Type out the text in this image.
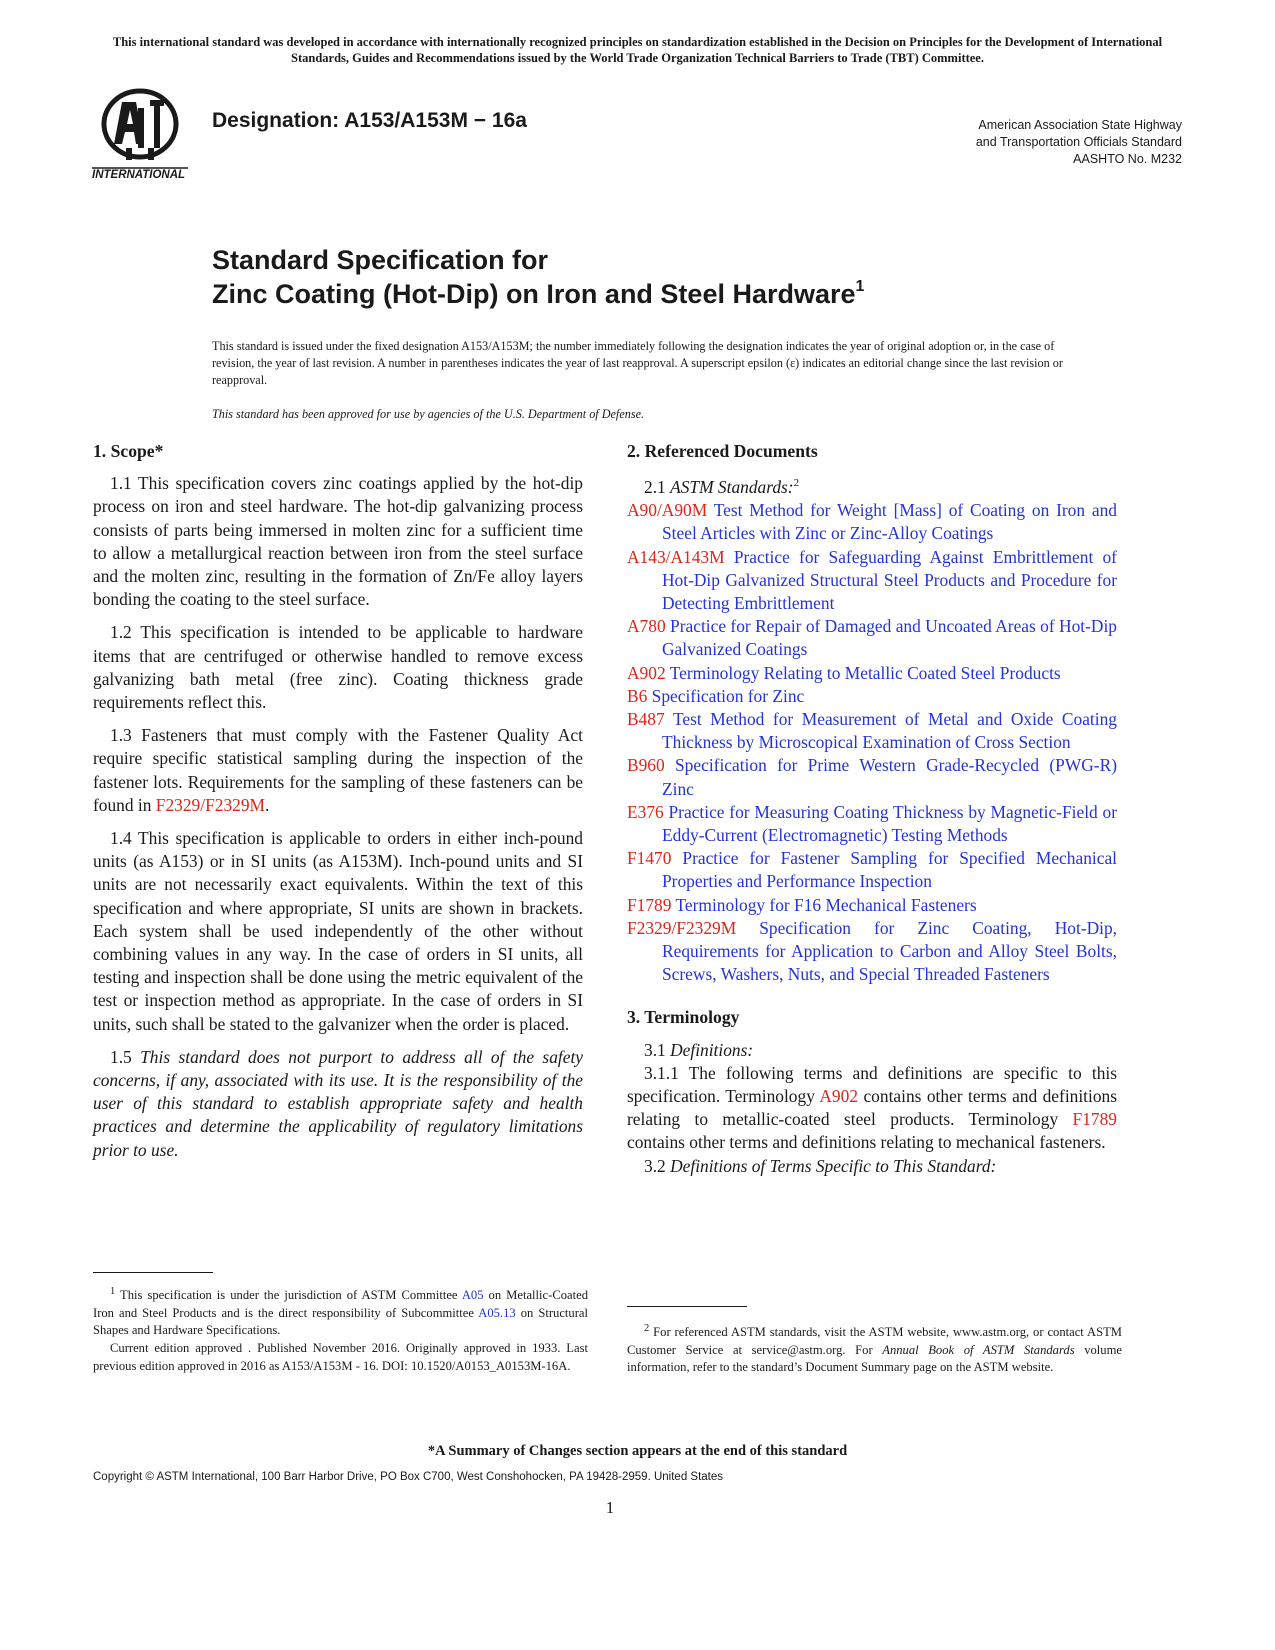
This international standard was developed in accordance with internationally recognized principles on standardization established in the Decision on Principles for the Development of International Standards, Guides and Recommendations issued by the World Trade Organization Technical Barriers to Trade (TBT) Committee.
INTERNATIONAL
Designation: A153/A153M − 16a	American Association State Highway
and Transportation Officials Standard
AASHTO No. M232
Standard Specification for
Zinc Coating (Hot-Dip) on Iron and Steel Hardware$^1$
This standard is issued under the fixed designation A153/A153M; the number immediately following the designation indicates the year of original adoption or, in the case of revision, the year of last revision. A number in parentheses indicates the year of last reapproval. A superscript epsilon (ε) indicates an editorial change since the last revision or reapproval.
This standard has been approved for use by agencies of the U.S. Department of Defense.
1. Scope*

1.1 This specification covers zinc coatings applied by the hot-dip process on iron and steel hardware. The hot-dip galvanizing process consists of parts being immersed in molten zinc for a sufficient time to allow a metallurgical reaction between iron from the steel surface and the molten zinc, resulting in the formation of Zn/Fe alloy layers bonding the coating to the steel surface.

1.2 This specification is intended to be applicable to hardware items that are centrifuged or otherwise handled to remove excess galvanizing bath metal (free zinc). Coating thickness grade requirements reflect this.

1.3 Fasteners that must comply with the Fastener Quality Act require specific statistical sampling during the inspection of the fastener lots. Requirements for the sampling of these fasteners can be found in F2329/F2329M.

1.4 This specification is applicable to orders in either inch-pound units (as A153) or in SI units (as A153M). Inch-pound units and SI units are not necessarily exact equivalents. Within the text of this specification and where appropriate, SI units are shown in brackets. Each system shall be used independently of the other without combining values in any way. In the case of orders in SI units, all testing and inspection shall be done using the metric equivalent of the test or inspection method as appropriate. In the case of orders in SI units, such shall be stated to the galvanizer when the order is placed.

1.5 This standard does not purport to address all of the safety concerns, if any, associated with its use. It is the responsibility of the user of this standard to establish appropriate safety and health practices and determine the applicability of regulatory limitations prior to use.

2. Referenced Documents

2.1 ASTM Standards:$^2$

A90/A90M Test Method for Weight [Mass] of Coating on Iron and Steel Articles with Zinc or Zinc-Alloy Coatings

A143/A143M Practice for Safeguarding Against Embrittlement of Hot-Dip Galvanized Structural Steel Products and Procedure for Detecting Embrittlement

A780 Practice for Repair of Damaged and Uncoated Areas of Hot-Dip Galvanized Coatings

A902 Terminology Relating to Metallic Coated Steel Products

B6 Specification for Zinc

B487 Test Method for Measurement of Metal and Oxide Coating Thickness by Microscopical Examination of Cross Section

B960 Specification for Prime Western Grade-Recycled (PWG-R) Zinc

E376 Practice for Measuring Coating Thickness by Magnetic-Field or Eddy-Current (Electromagnetic) Testing Methods

F1470 Practice for Fastener Sampling for Specified Mechanical Properties and Performance Inspection

F1789 Terminology for F16 Mechanical Fasteners

F2329/F2329M Specification for Zinc Coating, Hot-Dip, Requirements for Application to Carbon and Alloy Steel Bolts, Screws, Washers, Nuts, and Special Threaded Fasteners

3. Terminology

3.1 Definitions:

3.1.1 The following terms and definitions are specific to this specification. Terminology A902 contains other terms and definitions relating to metallic-coated steel products. Terminology F1789 contains other terms and definitions relating to mechanical fasteners.

3.2 Definitions of Terms Specific to This Standard:

$^1$ This specification is under the jurisdiction of ASTM Committee A05 on Metallic-Coated Iron and Steel Products and is the direct responsibility of Subcommittee A05.13 on Structural Shapes and Hardware Specifications.

Current edition approved . Published November 2016. Originally approved in 1933. Last previous edition approved in 2016 as A153/A153M - 16. DOI: 10.1520/A0153_A0153M-16A.

$^2$ For referenced ASTM standards, visit the ASTM website, www.astm.org, or contact ASTM Customer Service at service@astm.org. For Annual Book of ASTM Standards volume information, refer to the standard’s Document Summary page on the ASTM website.

*A Summary of Changes section appears at the end of this standard
Copyright © ASTM International, 100 Barr Harbor Drive, PO Box C700, West Conshohocken, PA 19428-2959. United States
1
